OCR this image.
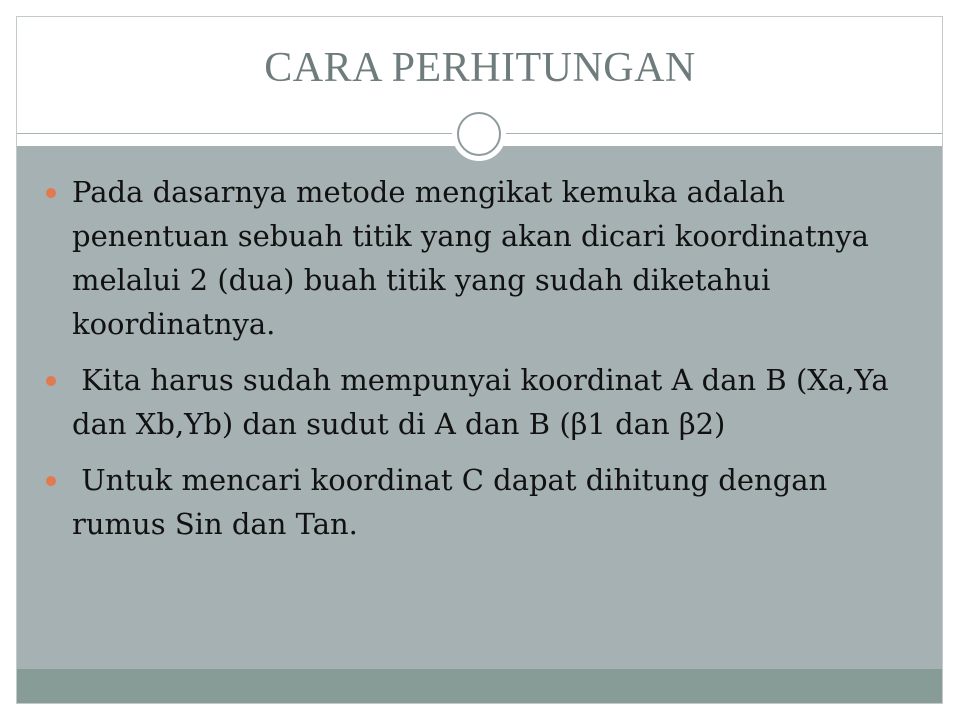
CARA PERHITUNGAN
Pada dasarnya metode mengikat kemuka adalah penentuan sebuah titik yang akan dicari koordinatnya melalui 2 (dua) buah titik yang sudah diketahui koordinatnya.
Kita harus sudah mempunyai koordinat A dan B (Xa,Ya dan Xb,Yb) dan sudut di A dan B (β1 dan β2)
Untuk mencari koordinat C dapat dihitung dengan rumus Sin dan Tan.
